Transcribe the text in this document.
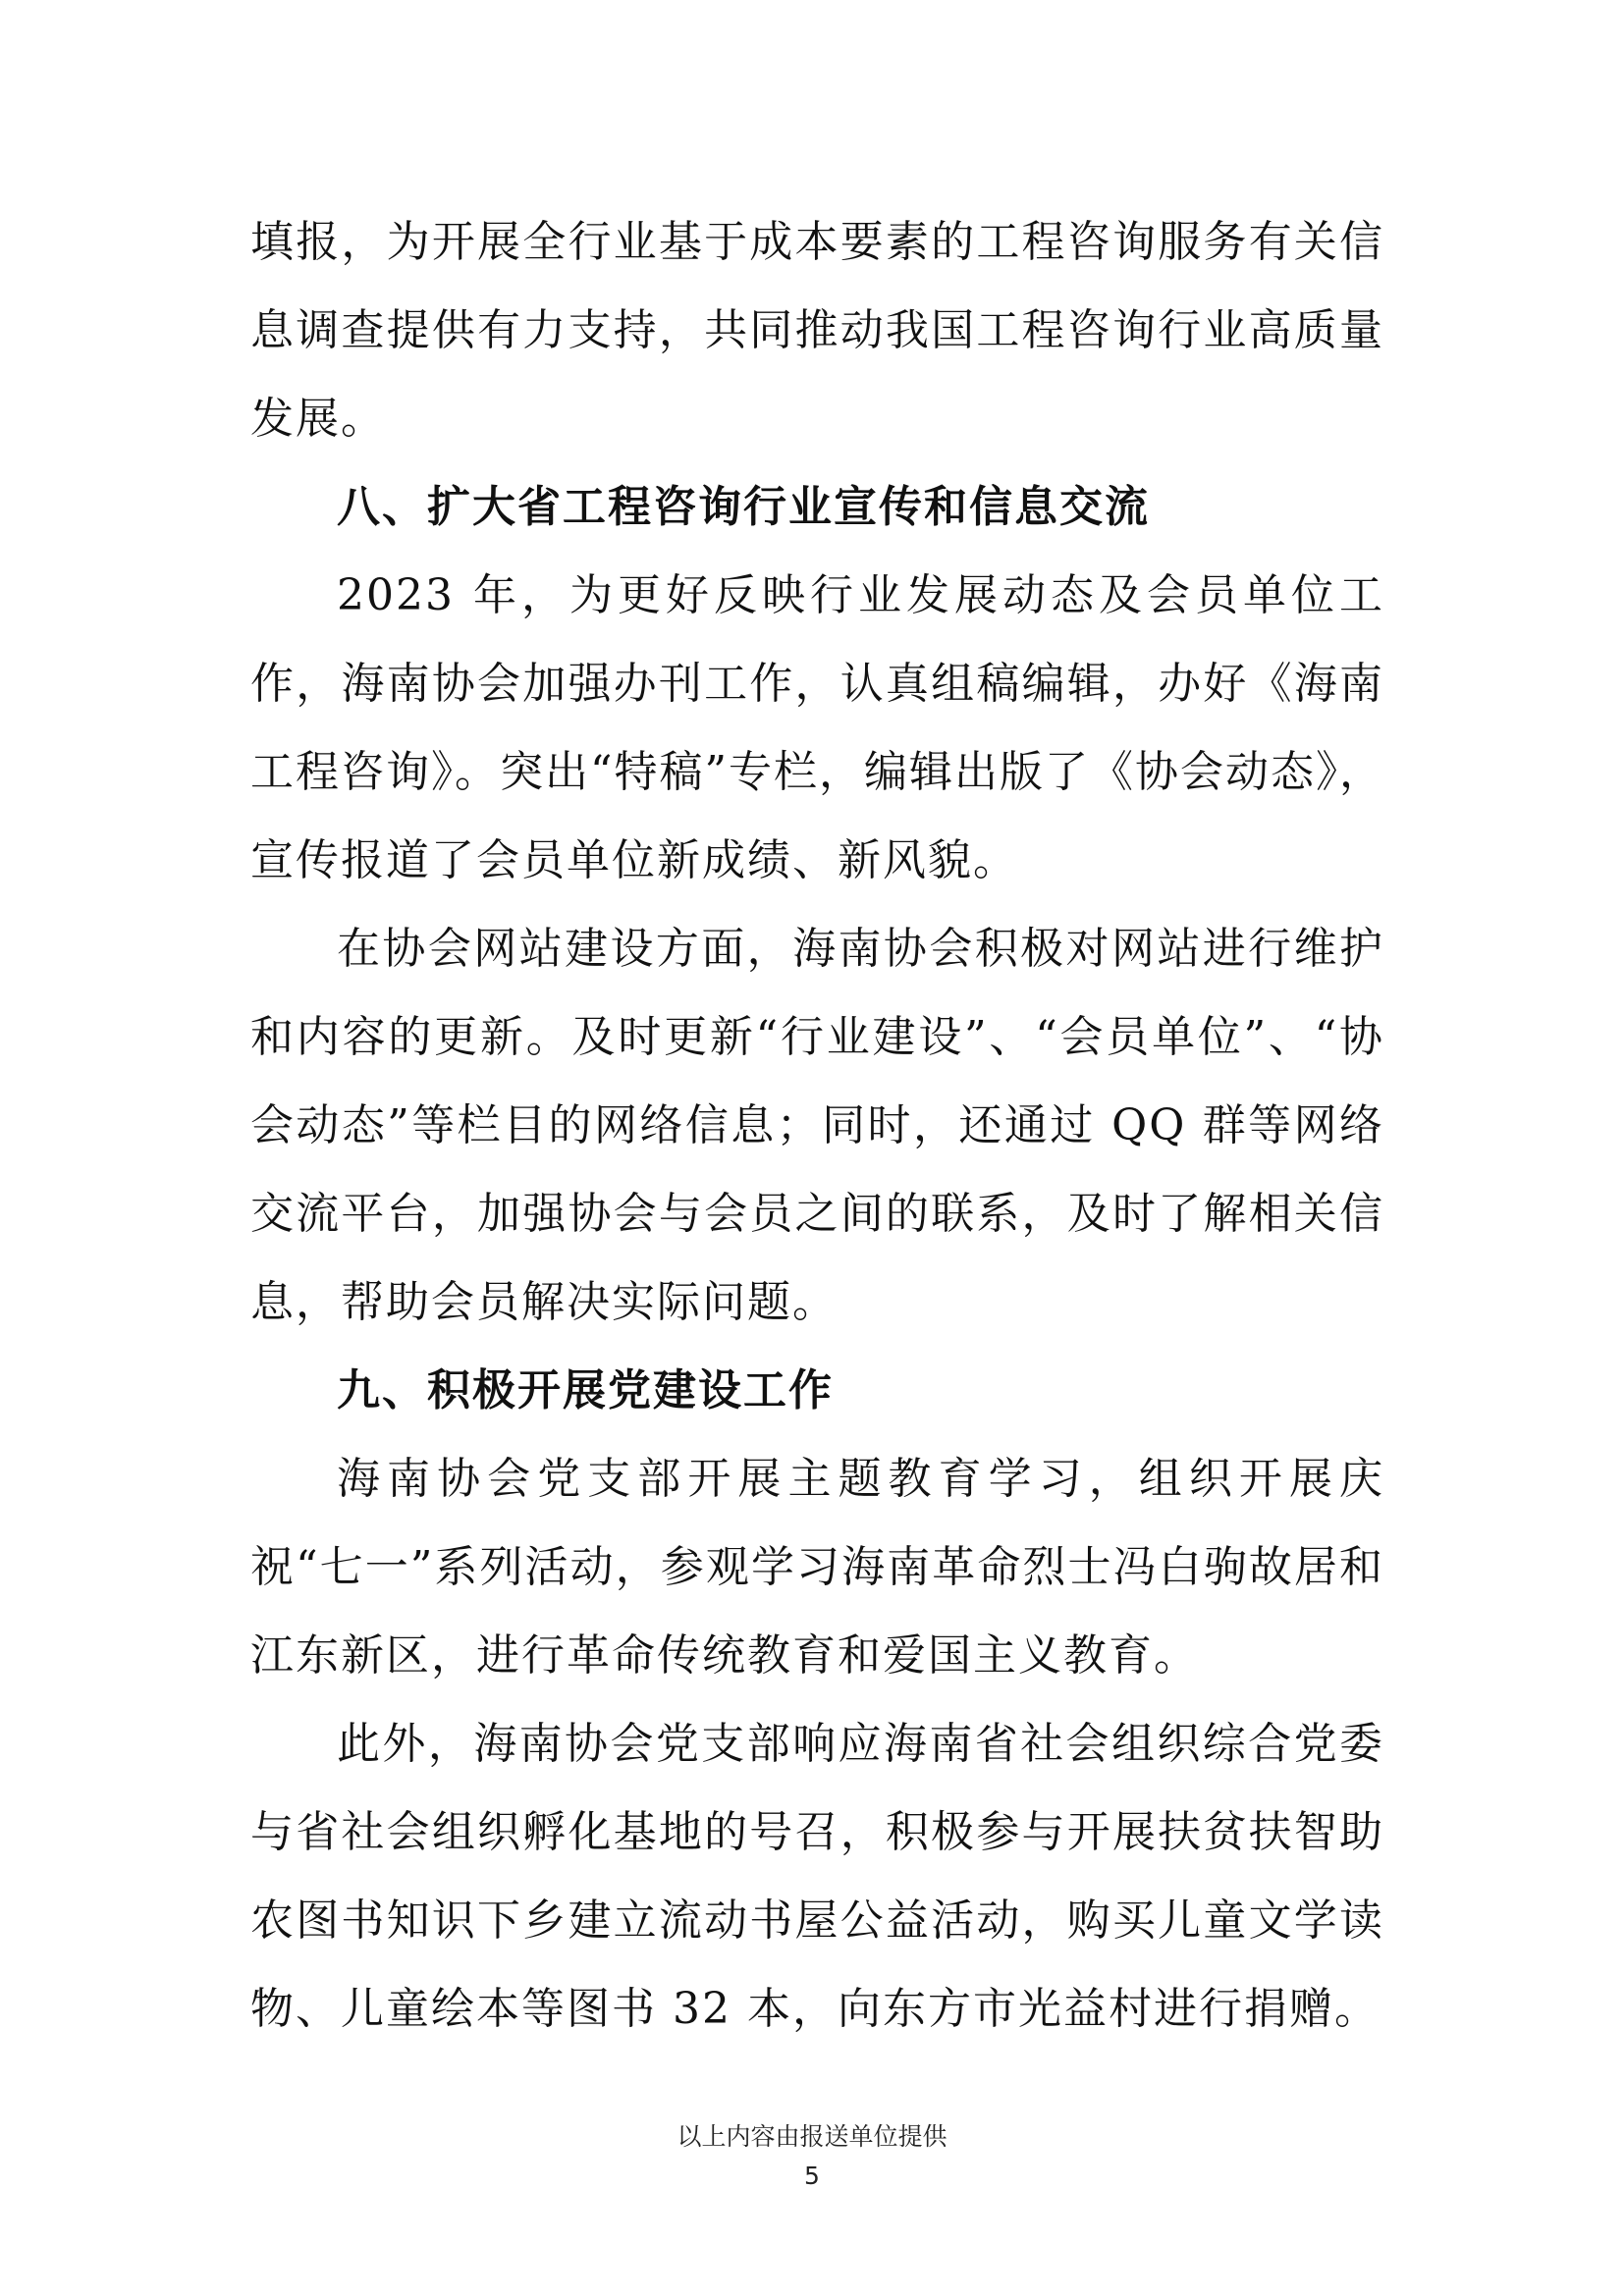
填报，为开展全行业基于成本要素的工程咨询服务有关信息调查提供有力支持，共同推动我国工程咨询行业高质量发展。

八、扩大省工程咨询行业宣传和信息交流

2023 年，为更好反映行业发展动态及会员单位工作，海南协会加强办刊工作，认真组稿编辑，办好《海南工程咨询》。突出“特稿”专栏，编辑出版了《协会动态》，宣传报道了会员单位新成绩、新风貌。

在协会网站建设方面，海南协会积极对网站进行维护和内容的更新。及时更新“行业建设”、“会员单位”、“协会动态”等栏目的网络信息；同时，还通过 QQ 群等网络交流平台，加强协会与会员之间的联系，及时了解相关信息，帮助会员解决实际问题。

九、积极开展党建设工作

海南协会党支部开展主题教育学习，组织开展庆祝“七一”系列活动，参观学习海南革命烈士冯白驹故居和江东新区，进行革命传统教育和爱国主义教育。

此外，海南协会党支部响应海南省社会组织综合党委与省社会组织孵化基地的号召，积极参与开展扶贫扶智助农图书知识下乡建立流动书屋公益活动，购买儿童文学读物、儿童绘本等图书 32 本，向东方市光益村进行捐赠。

以上内容由报送单位提供
5
